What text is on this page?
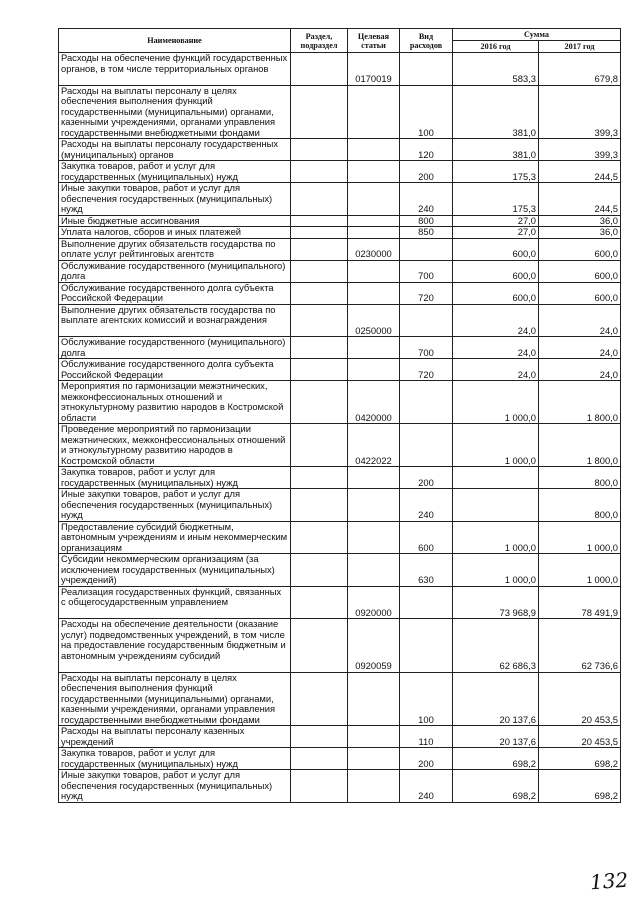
Наименование	Раздел, подраздел	Целевая статьи	Вид расходов	Сумма	
				2016 год	2017 год
Расходы на обеспечение функций государственных органов, в том числе территориальных органов		0170019		583,3	679,8
Расходы на выплаты персоналу в целях обеспечения выполнения функций государственными (муниципальными) органами, казенными учреждениями, органами управления государственными внебюджетными фондами			100	381,0	399,3
Расходы на выплаты персоналу государственных (муниципальных) органов			120	381,0	399,3
Закупка товаров, работ и услуг для государственных (муниципальных) нужд			200	175,3	244,5
Иные закупки товаров, работ и услуг для обеспечения государственных (муниципальных) нужд			240	175,3	244,5
Иные бюджетные ассигнования			800	27,0	36,0
Уплата налогов, сборов и иных платежей			850	27,0	36,0
Выполнение других обязательств государства по оплате услуг рейтинговых агентств		0230000		600,0	600,0
Обслуживание государственного (муниципального) долга			700	600,0	600,0
Обслуживание государственного долга субъекта Российской Федерации			720	600,0	600,0
Выполнение других обязательств государства по выплате агентских комиссий и вознаграждения		0250000		24,0	24,0
Обслуживание государственного (муниципального) долга			700	24,0	24,0
Обслуживание государственного долга субъекта Российской Федерации			720	24,0	24,0
Мероприятия по гармонизации межэтнических, межконфессиональных отношений и этнокультурному развитию народов в Костромской области		0420000		1 000,0	1 800,0
Проведение мероприятий по гармонизации межэтнических, межконфессиональных отношений и этнокультурному развитию народов в Костромской области		0422022		1 000,0	1 800,0
Закупка товаров, работ и услуг для государственных (муниципальных) нужд			200		800,0
Иные закупки товаров, работ и услуг для обеспечения государственных (муниципальных) нужд			240		800,0
Предоставление субсидий бюджетным, автономным учреждениям и иным некоммерческим организациям			600	1 000,0	1 000,0
Субсидии некоммерческим организациям (за исключением государственных (муниципальных) учреждений)			630	1 000,0	1 000,0
Реализация государственных функций, связанных с общегосударственным управлением		0920000		73 968,9	78 491,9
Расходы на обеспечение деятельности (оказание услуг) подведомственных учреждений, в том числе на предоставление государственным бюджетным и автономным учреждениям субсидий		0920059		62 686,3	62 736,6
Расходы на выплаты персоналу в целях обеспечения выполнения функций государственными (муниципальными) органами, казенными учреждениями, органами управления государственными внебюджетными фондами			100	20 137,6	20 453,5
Расходы на выплаты персоналу казенных учреждений			110	20 137,6	20 453,5
Закупка товаров, работ и услуг для государственных (муниципальных) нужд			200	698,2	698,2
Иные закупки товаров, работ и услуг для обеспечения государственных (муниципальных) нужд			240	698,2	698,2
132
